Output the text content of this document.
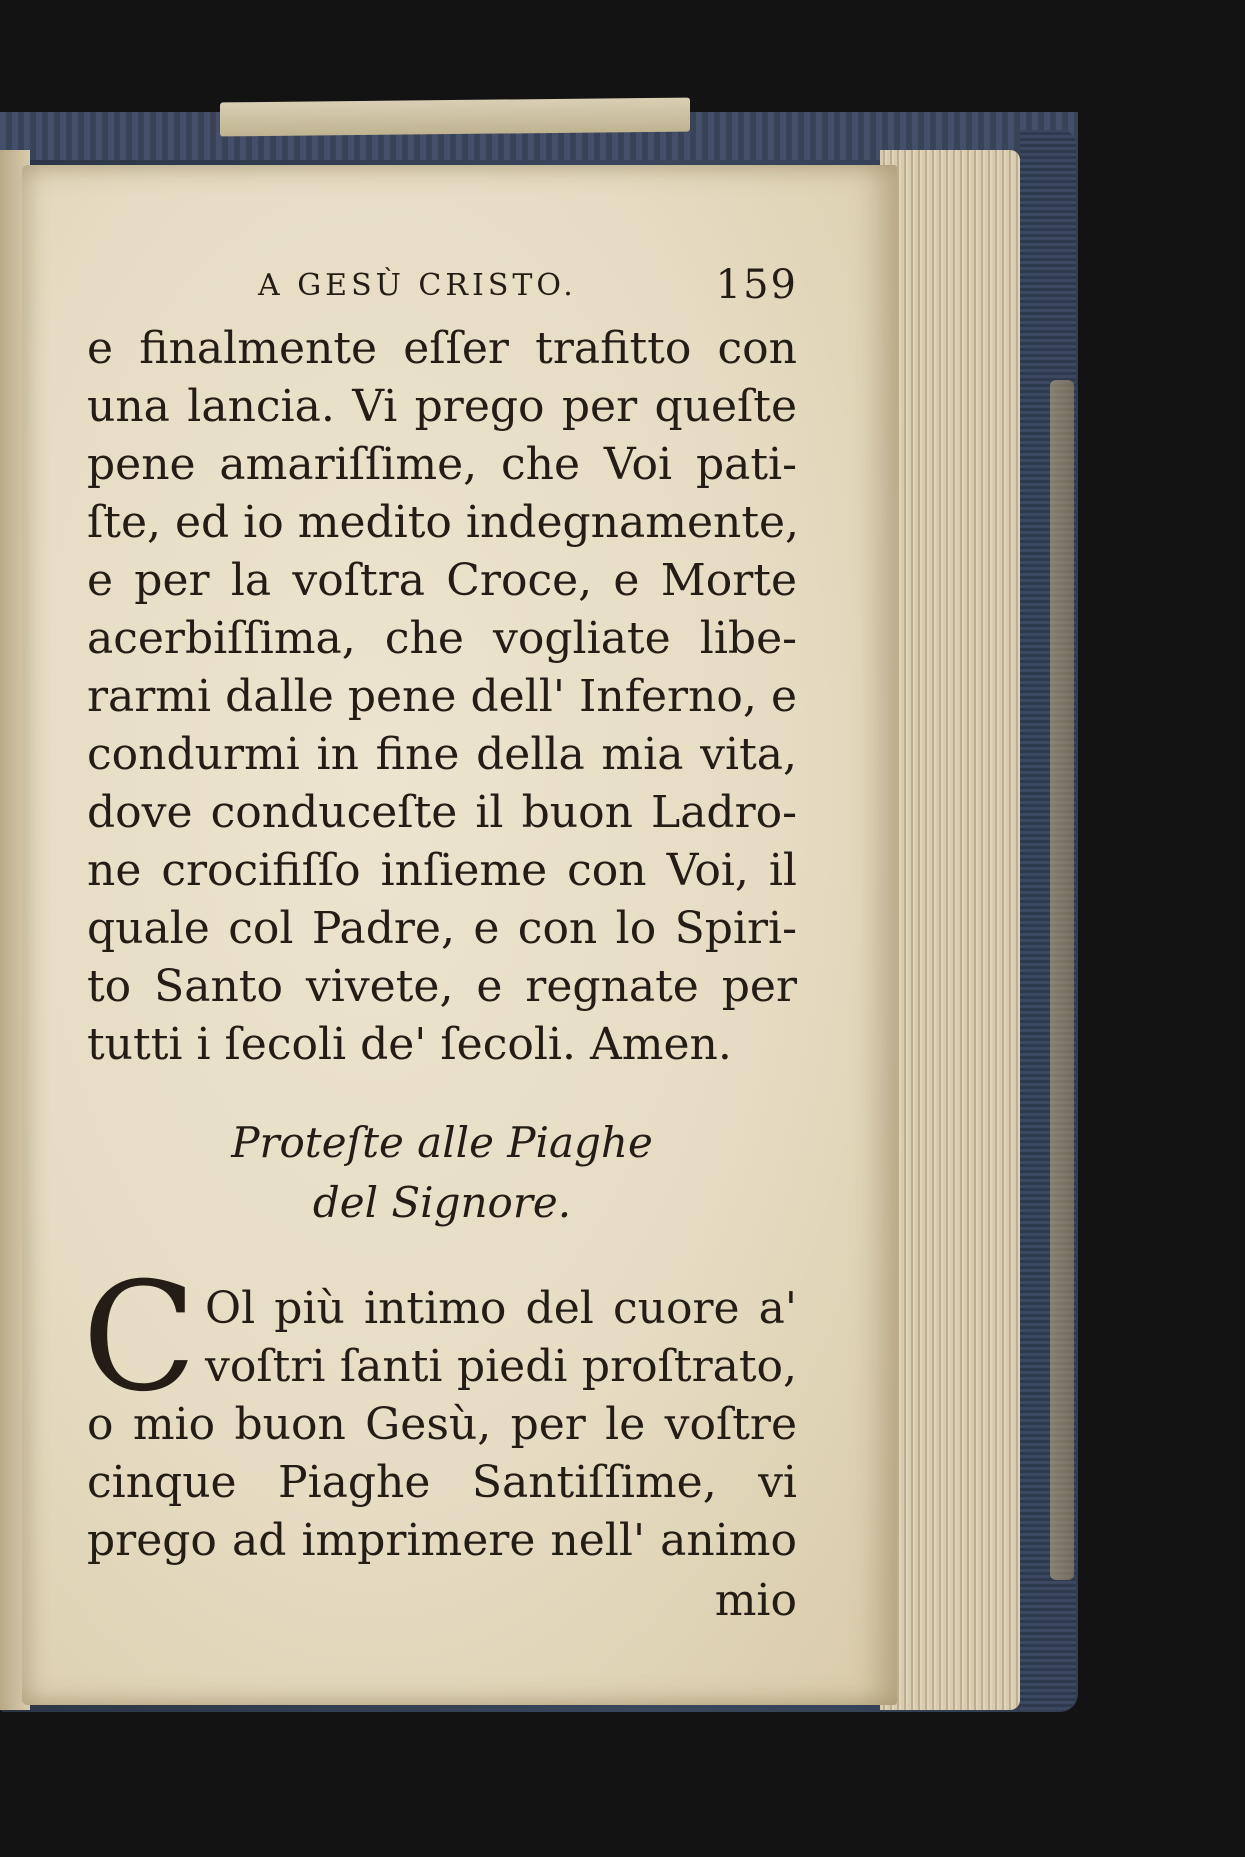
A GESÙ CRISTO.	159
e finalmente eſſer trafitto con
una lancia. Vi prego per queſte
pene amariſſime, che Voi pati-
ſte, ed io medito indegnamente,
e per la voſtra Croce, e Morte
acerbiſſima, che vogliate libe-
rarmi dalle pene dell' Inferno, e
condurmi in fine della mia vita,
dove conduceſte il buon Ladro-
ne crocifiſſo inſieme con Voi, il
quale col Padre, e con lo Spiri-
to Santo vivete, e regnate per
tutti i ſecoli de' ſecoli. Amen.
Proteſte alle Piaghe
del Signore.
C Ol più intimo del cuore a'
voſtri ſanti piedi proſtrato,
o mio buon Gesù, per le voſtre
cinque Piaghe Santiſſime, vi
prego ad imprimere nell' animo
mio
